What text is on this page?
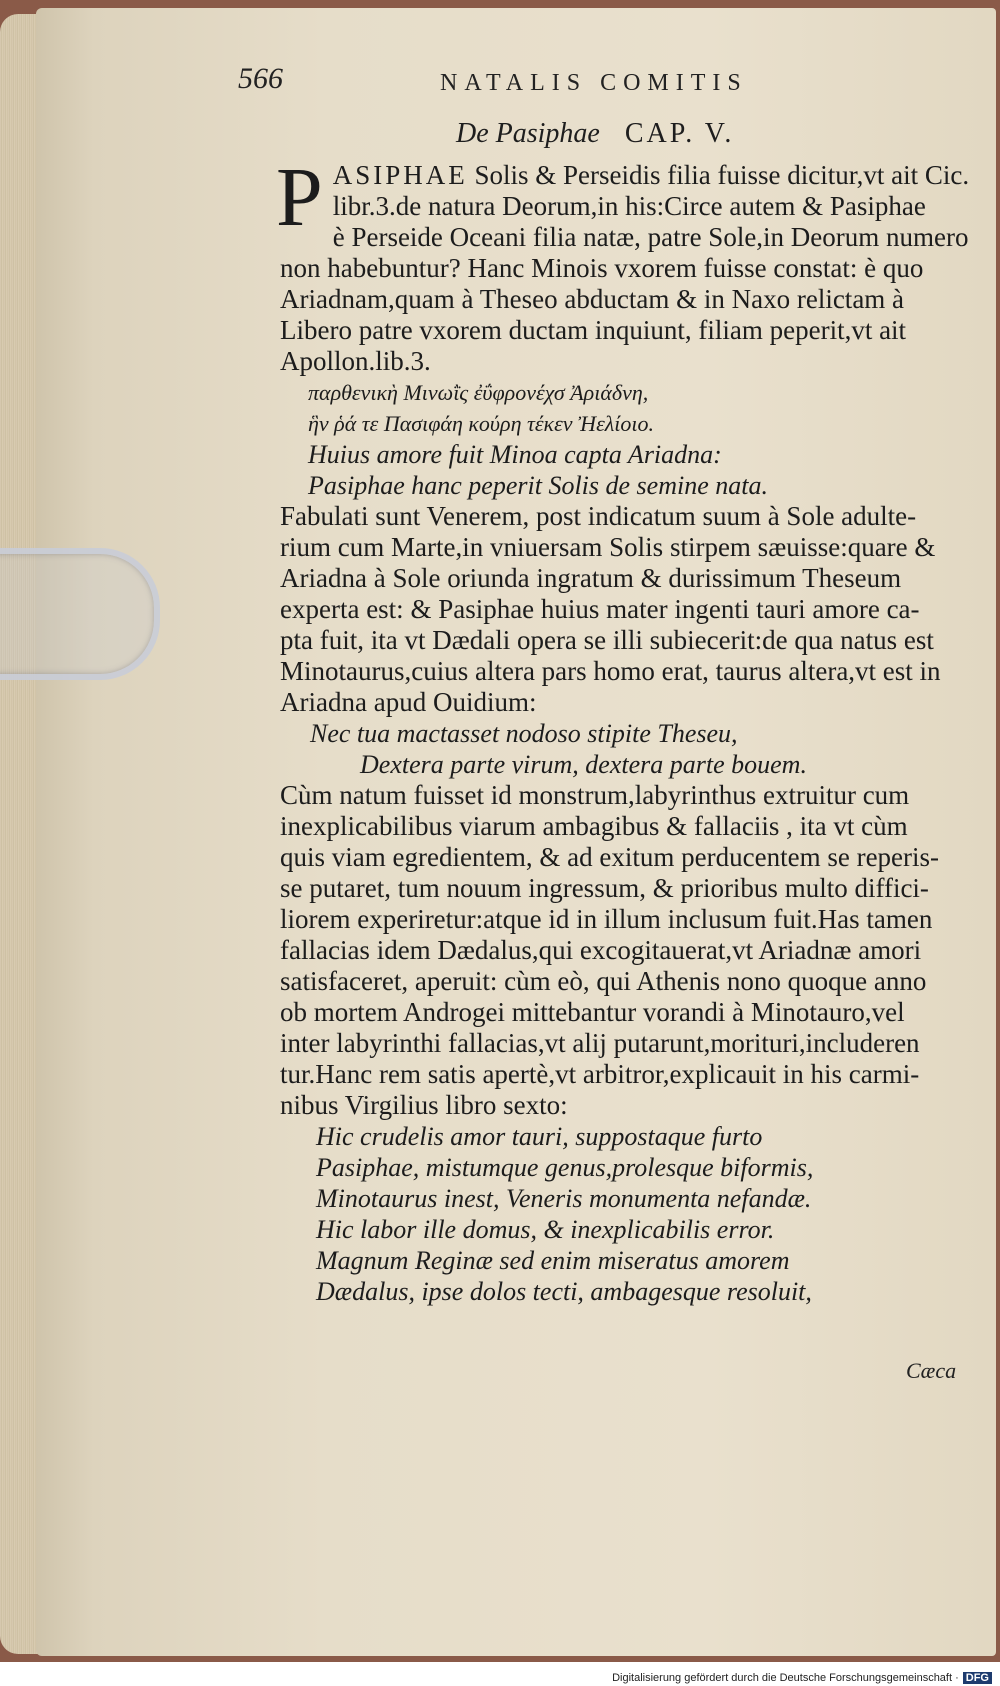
566	NATALIS COMITIS
De Pasiphae CAP. V.
P ASIPHAE Solis & Perseidis filia fuisse dicitur,vt ait Cic.
libr.3.de natura Deorum,in his:Circe autem & Pasiphae
è Perseide Oceani filia natæ, patre Sole,in Deorum numero
non habebuntur? Hanc Minois vxorem fuisse constat: è quo
Ariadnam,quam à Theseo abductam & in Naxo relictam à
Libero patre vxorem ductam inquiunt, filiam peperit,vt ait
Apollon.lib.3.
παρθενικὴ Μινωῒς ἐΰφρονέχσ Ἀριάδνη,
ἣν ῥά τε Πασιφάη κούρη τέκεν Ἠελίοιο.
Huius amore fuit Minoa capta Ariadna:
Pasiphae hanc peperit Solis de semine nata.
Fabulati sunt Venerem, post indicatum suum à Sole adulte-
rium cum Marte,in vniuersam Solis stirpem sæuisse:quare &
Ariadna à Sole oriunda ingratum & durissimum Theseum
experta est: & Pasiphae huius mater ingenti tauri amore ca-
pta fuit, ita vt Dædali opera se illi subiecerit:de qua natus est
Minotaurus,cuius altera pars homo erat, taurus altera,vt est in
Ariadna apud Ouidium:
Nec tua mactasset nodoso stipite Theseu,
Dextera parte virum, dextera parte bouem.
Cùm natum fuisset id monstrum,labyrinthus extruitur cum
inexplicabilibus viarum ambagibus & fallaciis , ita vt cùm
quis viam egredientem, & ad exitum perducentem se reperis-
se putaret, tum nouum ingressum, & prioribus multo diffici-
liorem experiretur:atque id in illum inclusum fuit.Has tamen
fallacias idem Dædalus,qui excogitauerat,vt Ariadnæ amori
satisfaceret, aperuit: cùm eò, qui Athenis nono quoque anno
ob mortem Androgei mittebantur vorandi à Minotauro,vel
inter labyrinthi fallacias,vt alij putarunt,morituri,includeren
tur.Hanc rem satis apertè,vt arbitror,explicauit in his carmi-
nibus Virgilius libro sexto:
Hic crudelis amor tauri, suppostaque furto
Pasiphae, mistumque genus,prolesque biformis,
Minotaurus inest, Veneris monumenta nefandæ.
Hic labor ille domus, & inexplicabilis error.
Magnum Reginæ sed enim miseratus amorem
Dædalus, ipse dolos tecti, ambagesque resoluit,
Cæca
Digitalisierung gefördert durch die Deutsche Forschungsgemeinschaft · DFG
